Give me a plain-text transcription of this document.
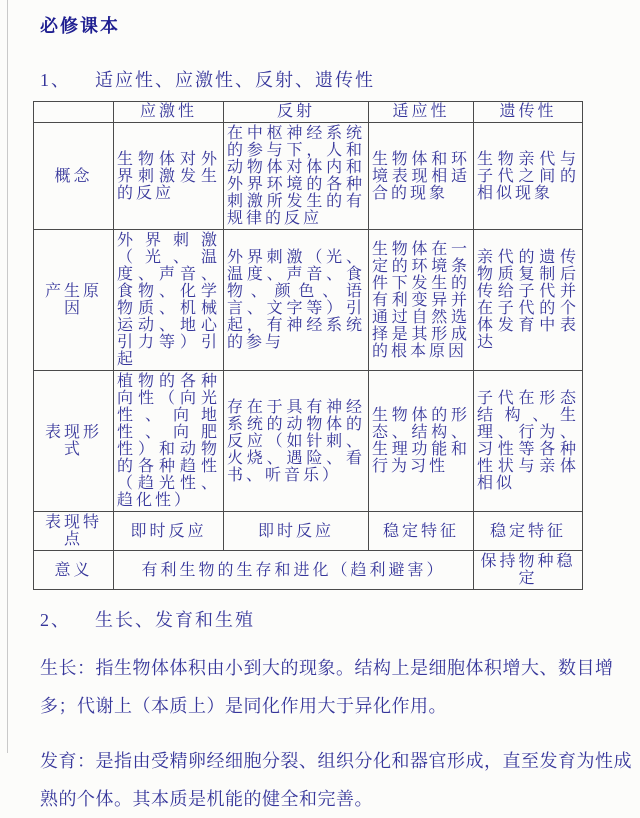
必修课本
1、 适应性、应激性、反射、遗传性
	应激性	反射	适应性	遗传性
概念	生物体对外界刺激发生的反应	在中枢神经系统的参与下，人和动物体对体内和外界环境的各种刺激所发生的有规律的反应	生物体和环境表现相适合的现象	生物亲代与子代之间的相似现象
产生原因	外界刺激（光、温度、声音、食物、化学物质、机械运动、地心引力等）引起	外界刺激（光、温度、声音、食物、颜色、语言、文字等）引起，有神经系统的参与	生物体在一定的环境条件下发生的有利变异并通过自然选择是其形成的根本原因	亲代的遗传物质复制后传给子代并在子代的个体发育中表达
表现形式	植物的各种向性（向光性、向地性、向肥性）和动物的各种趋性（趋光性、趋化性）	存在于具有神经系统的动物体的反应（如针刺、火烧、遇险、看书、听音乐）	生物体的形态、结构、生理功能和行为习性	子代在形态结构、生理、行为、习性等各种性状与亲体相似
表现特点	即时反应	即时反应	稳定特征	稳定特征
意义	有利生物的生存和进化（趋利避害）			保持物种稳定
2、 生长、发育和生殖
生长：指生物体体积由小到大的现象。结构上是细胞体积增大、数目增多；代谢上（本质上）是同化作用大于异化作用。
发育：是指由受精卵经细胞分裂、组织分化和器官形成，直至发育为性成熟的个体。其本质是机能的健全和完善。
